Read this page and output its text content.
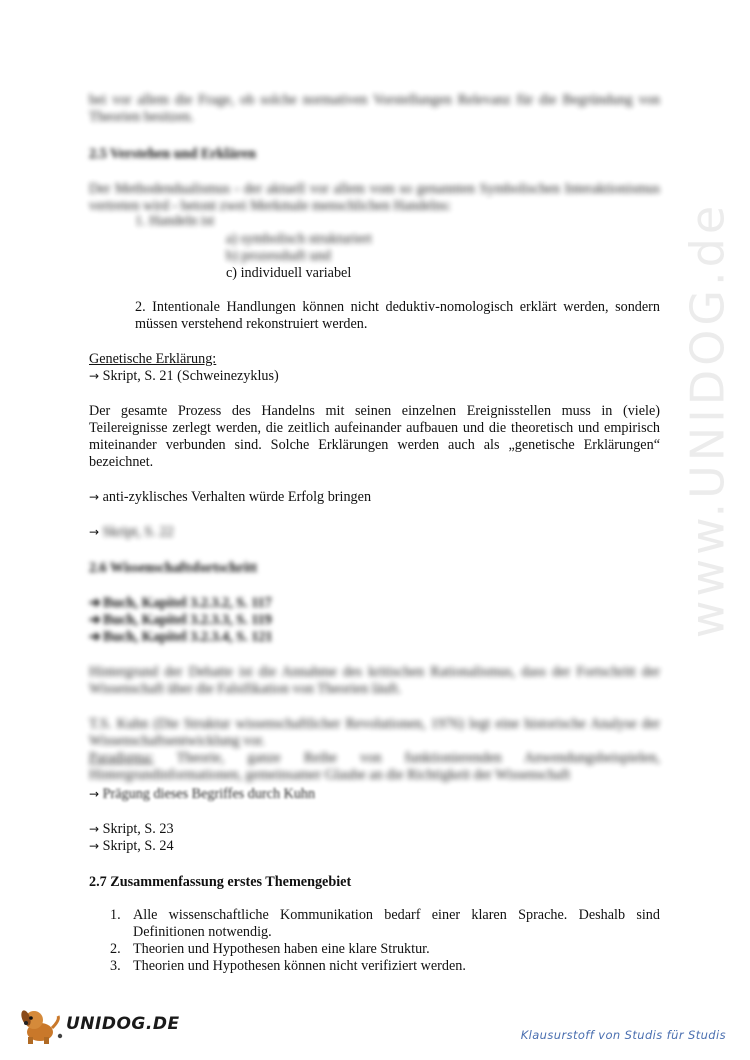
www.UNIDOG.de
bei vor allem die Frage, ob solche normativen Vorstellungen Relevanz für die Begründung von Theorien besitzen.
2.5 Verstehen und Erklären
Der Methodendualismus - der aktuell vor allem vom so genannten Symbolischen Interaktionismus vertreten wird - betont zwei Merkmale menschlichen Handelns:
1. Handeln ist
a) symbolisch strukturiert
b) prozesshaft und
c) individuell variabel
2. Intentionale Handlungen können nicht deduktiv-nomologisch erklärt werden, sondern müssen verstehend rekonstruiert werden.
Genetische Erklärung:
→ Skript, S. 21 (Schweinezyklus)
Der gesamte Prozess des Handelns mit seinen einzelnen Ereignisstellen muss in (viele) Teilereignisse zerlegt werden, die zeitlich aufeinander aufbauen und die theoretisch und empirisch miteinander verbunden sind. Solche Erklärungen werden auch als „genetische Erklärungen“ bezeichnet.
→ anti-zyklisches Verhalten würde Erfolg bringen
→ Skript, S. 22
2.6 Wissenschaftsfortschritt
➔ Buch, Kapitel 3.2.3.2, S. 117
➔ Buch, Kapitel 3.2.3.3, S. 119
➔ Buch, Kapitel 3.2.3.4, S. 121
Hintergrund der Debatte ist die Annahme des kritischen Rationalismus, dass der Fortschritt der Wissenschaft über die Falsifikation von Theorien läuft.
T.S. Kuhn (Die Struktur wissenschaftlicher Revolutionen, 1976) legt eine historische Analyse der Wissenschaftsentwicklung vor.
Paradigma: Theorie, ganze Reihe von funktionierenden Anwendungsbeispielen, Hintergrundinformationen, gemeinsamer Glaube an die Richtigkeit der Wissenschaft
→ Prägung dieses Begriffes durch Kuhn
→ Skript, S. 23
→ Skript, S. 24
2.7 Zusammenfassung erstes Themengebiet
1. Alle wissenschaftliche Kommunikation bedarf einer klaren Sprache. Deshalb sind Definitionen notwendig.
2. Theorien und Hypothesen haben eine klare Struktur.
3. Theorien und Hypothesen können nicht verifiziert werden.
UNIDOG.DE
Klausurstoff von Studis für Studis
